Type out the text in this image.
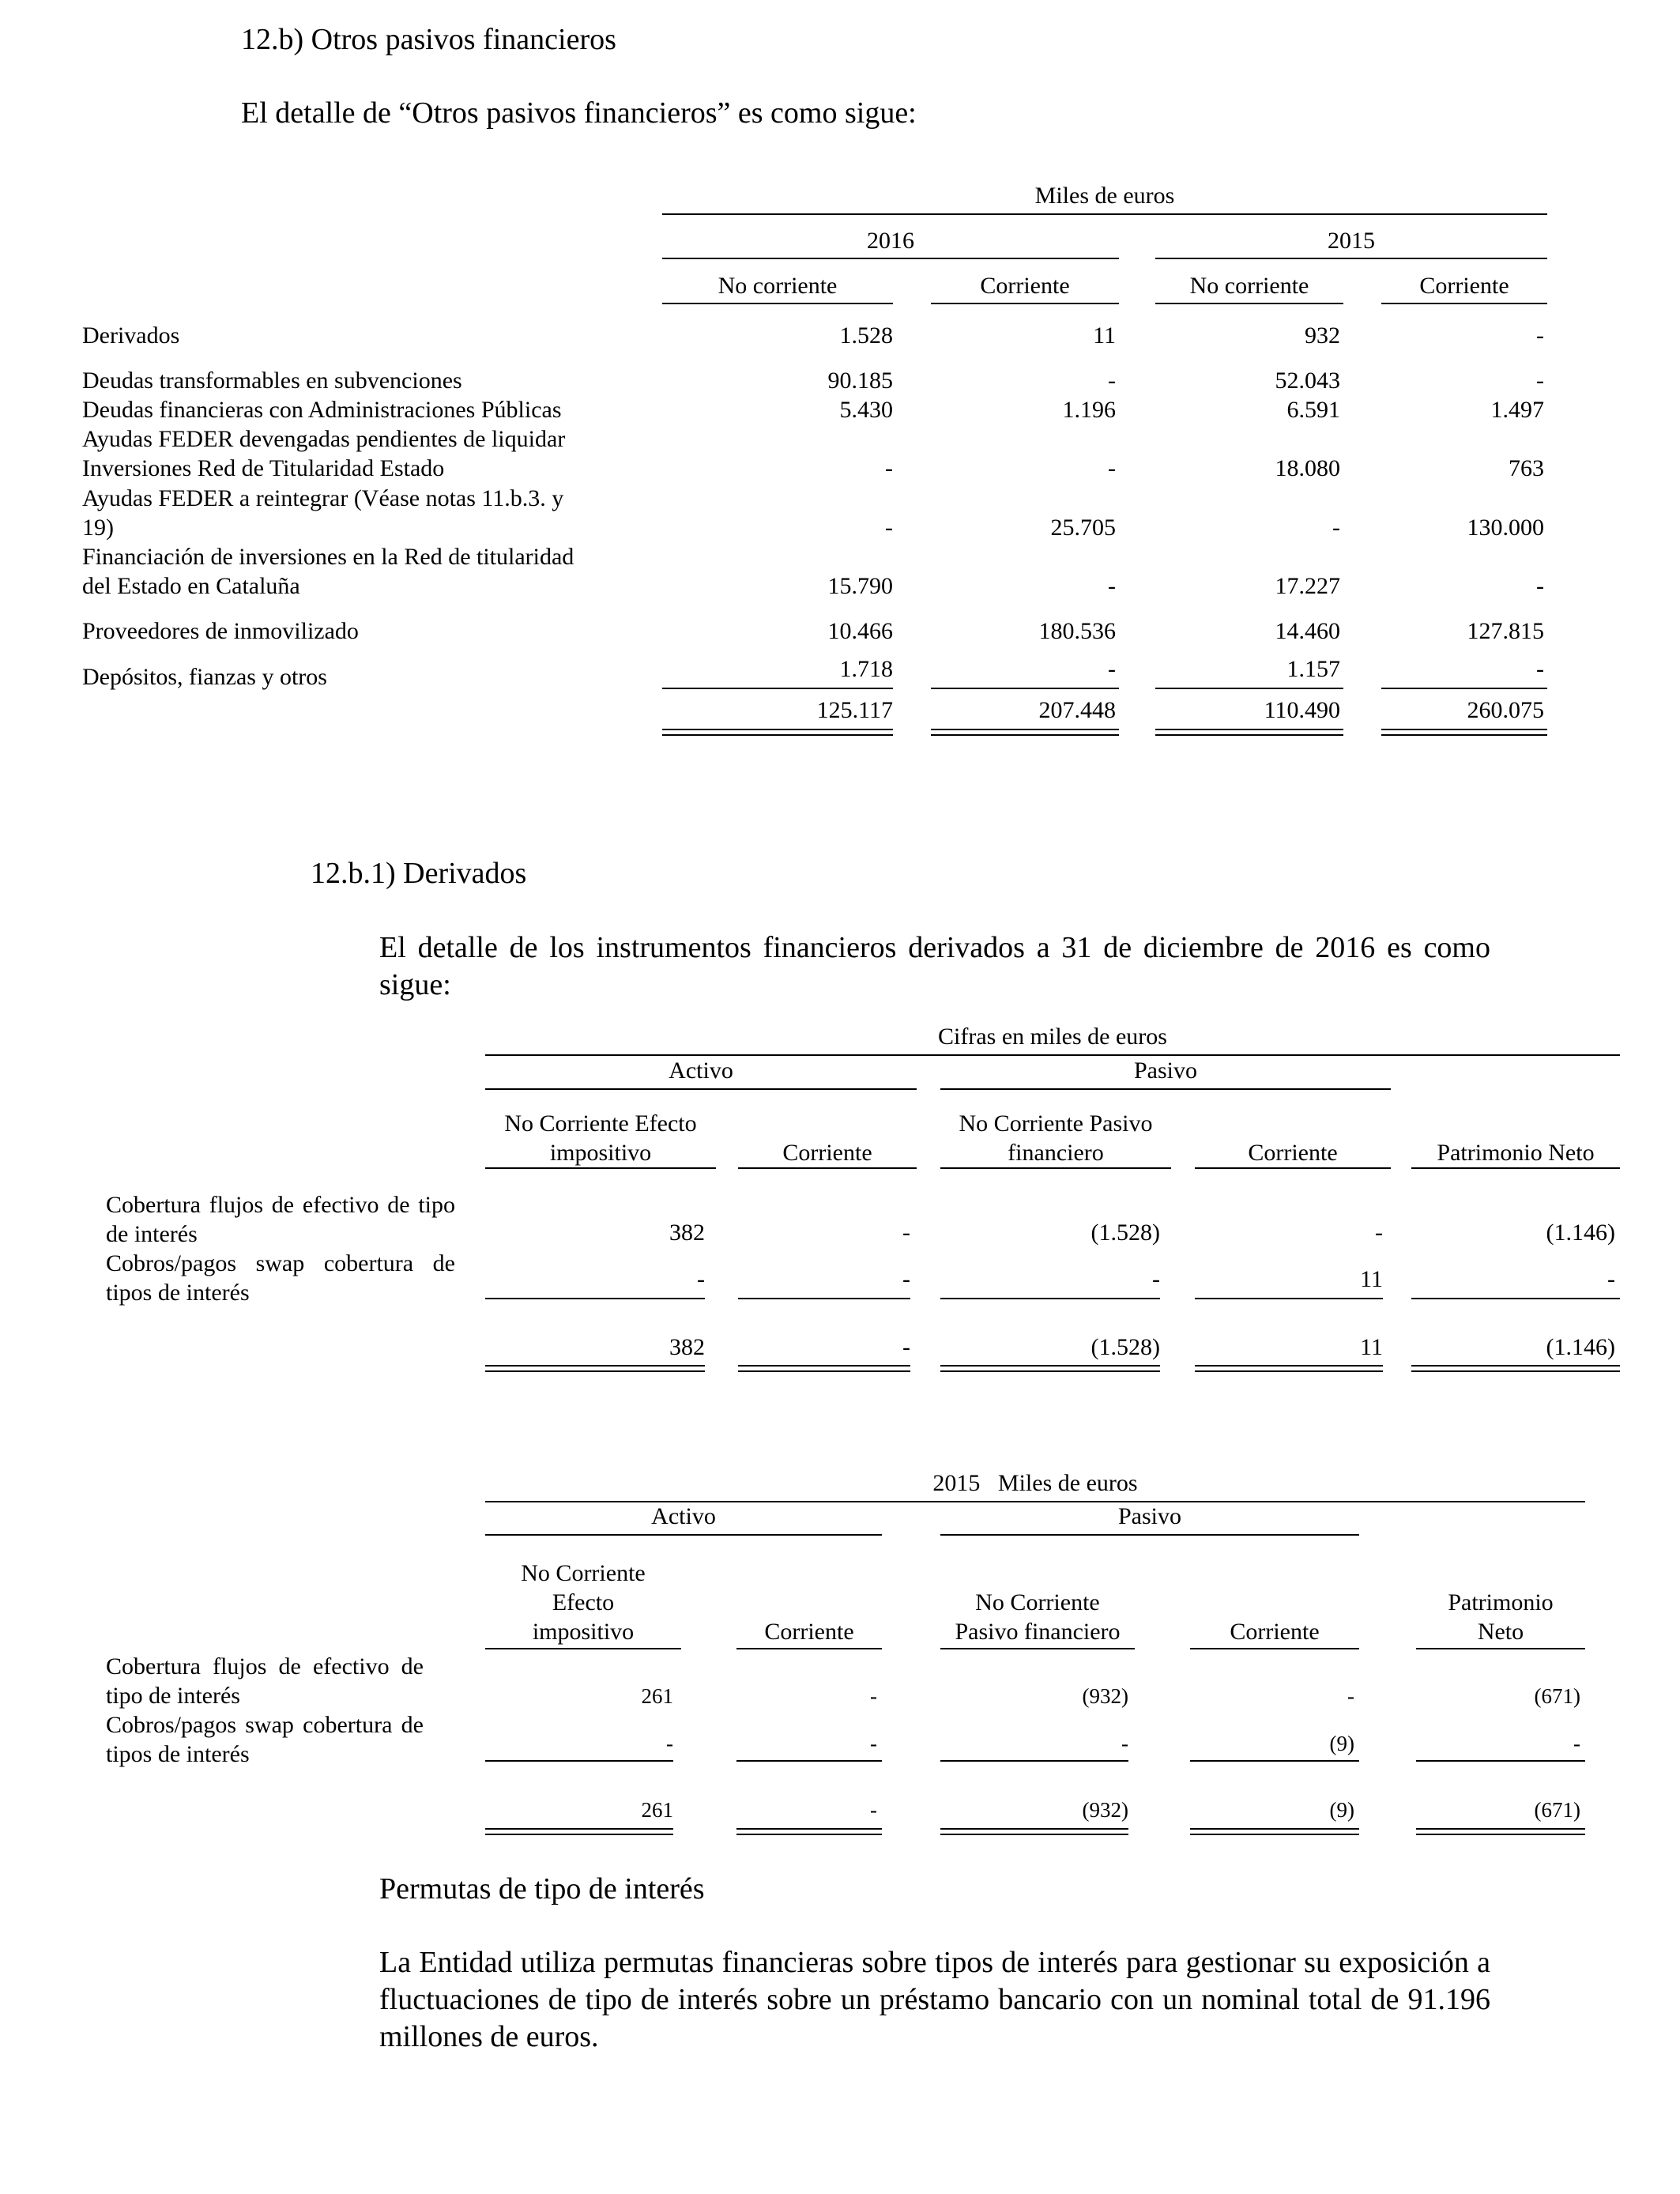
12.b) Otros pasivos financieros
El detalle de “Otros pasivos financieros” es como sigue:
Miles de euros
2016	2015
No corriente	Corriente	No corriente	Corriente
Derivados	1.528	11	932	-
Deudas transformables en subvenciones	90.185	-	52.043	-
Deudas financieras con Administraciones Públicas	5.430	1.196	6.591	1.497
Ayudas FEDER devengadas pendientes de liquidar
Inversiones Red de Titularidad Estado	-	-	18.080	763
Ayudas FEDER a reintegrar (Véase notas 11.b.3. y
19)	-	25.705	-	130.000
Financiación de inversiones en la Red de titularidad
del Estado en Cataluña	15.790	-	17.227	-
Proveedores de inmovilizado	10.466	180.536	14.460	127.815
Depósitos, fianzas y otros	1.718	-	1.157	-
125.117	207.448	110.490	260.075
12.b.1) Derivados
El detalle de los instrumentos financieros derivados a 31 de diciembre de 2016 es como sigue:
Cifras en miles de euros
Activo	Pasivo
No Corriente Efecto
impositivo	Corriente
No Corriente Pasivo
financiero	Corriente	Patrimonio Neto
Cobertura flujos de efectivo de tipo de interés	382	-	(1.528)	-	(1.146)
Cobros/pagos swap cobertura de tipos de interés
-	-	-	11	-
382	-	(1.528)	11	(1.146)
2015   Miles de euros
Activo	Pasivo
No Corriente
Efecto
impositivo	Corriente
No Corriente
Pasivo financiero	Corriente
Patrimonio
Neto
Cobertura flujos de efectivo de tipo de interés	261	-	(932)	-	(671)
Cobros/pagos swap cobertura de tipos de interés	-	-	-	(9)	-
261	-	(932)	(9)	(671)
Permutas de tipo de interés
La Entidad utiliza permutas financieras sobre tipos de interés para gestionar su exposición a fluctuaciones de tipo de interés sobre un préstamo bancario con un nominal total de 91.196 millones de euros.
